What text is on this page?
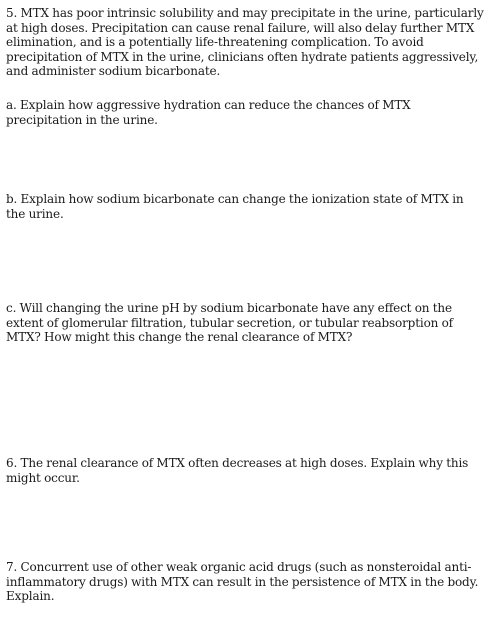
5. MTX has poor intrinsic solubility and may precipitate in the urine, particularly at high doses. Precipitation can cause renal failure, will also delay further MTX elimination, and is a potentially life-threatening complication. To avoid precipitation of MTX in the urine, clinicians often hydrate patients aggressively, and administer sodium bicarbonate.

a. Explain how aggressive hydration can reduce the chances of MTX precipitation in the urine.

b. Explain how sodium bicarbonate can change the ionization state of MTX in the urine.

c. Will changing the urine pH by sodium bicarbonate have any effect on the extent of glomerular filtration, tubular secretion, or tubular reabsorption of MTX? How might this change the renal clearance of MTX?

6. The renal clearance of MTX often decreases at high doses. Explain why this might occur.

7. Concurrent use of other weak organic acid drugs (such as nonsteroidal anti-inflammatory drugs) with MTX can result in the persistence of MTX in the body. Explain.
